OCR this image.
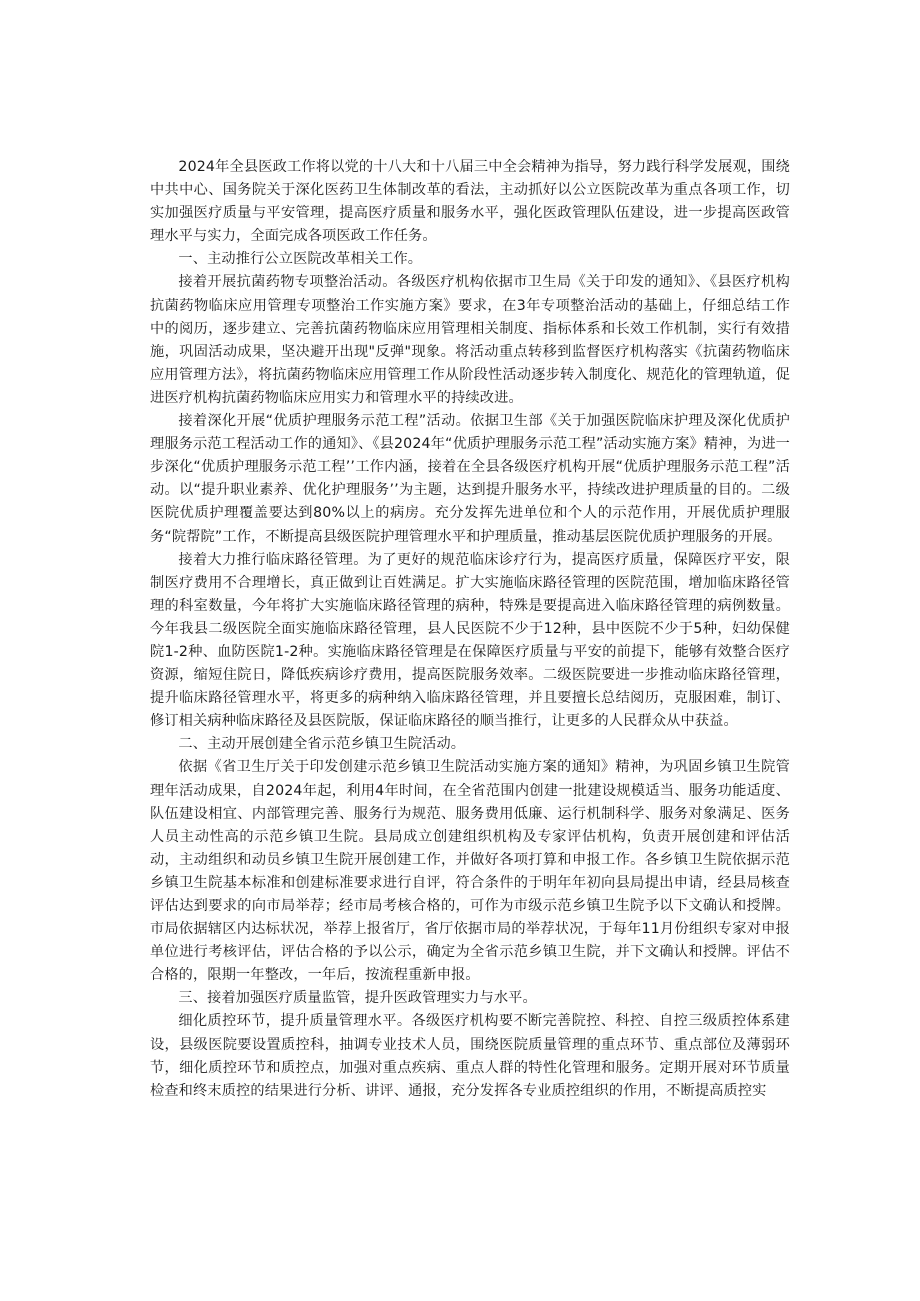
2024年全县医政工作将以党的十八大和十八届三中全会精神为指导，努力践行科学发展观，围绕中共中心、国务院关于深化医药卫生体制改革的看法，主动抓好以公立医院改革为重点各项工作，切实加强医疗质量与平安管理，提高医疗质量和服务水平，强化医政管理队伍建设，进一步提高医政管理水平与实力，全面完成各项医政工作任务。

一、主动推行公立医院改革相关工作。

接着开展抗菌药物专项整治活动。各级医疗机构依据市卫生局《关于印发的通知》、《县医疗机构抗菌药物临床应用管理专项整治工作实施方案》要求，在3年专项整治活动的基础上，仔细总结工作中的阅历，逐步建立、完善抗菌药物临床应用管理相关制度、指标体系和长效工作机制，实行有效措施，巩固活动成果，坚决避开出现"反弹"现象。将活动重点转移到监督医疗机构落实《抗菌药物临床应用管理方法》，将抗菌药物临床应用管理工作从阶段性活动逐步转入制度化、规范化的管理轨道，促进医疗机构抗菌药物临床应用实力和管理水平的持续改进。

接着深化开展“优质护理服务示范工程”活动。依据卫生部《关于加强医院临床护理及深化优质护理服务示范工程活动工作的通知》、《县2024年“优质护理服务示范工程”活动实施方案》精神，为进一步深化“优质护理服务示范工程’’工作内涵，接着在全县各级医疗机构开展“优质护理服务示范工程”活动。以“提升职业素养、优化护理服务’’为主题，达到提升服务水平，持续改进护理质量的目的。二级医院优质护理覆盖要达到80%以上的病房。充分发挥先进单位和个人的示范作用，开展优质护理服务“院帮院”工作，不断提高县级医院护理管理水平和护理质量，推动基层医院优质护理服务的开展。

接着大力推行临床路径管理。为了更好的规范临床诊疗行为，提高医疗质量，保障医疗平安，限制医疗费用不合理增长，真正做到让百姓满足。扩大实施临床路径管理的医院范围，增加临床路径管理的科室数量，今年将扩大实施临床路径管理的病种，特殊是要提高进入临床路径管理的病例数量。今年我县二级医院全面实施临床路径管理，县人民医院不少于12种，县中医院不少于5种，妇幼保健院1-2种、血防医院1-2种。实施临床路径管理是在保障医疗质量与平安的前提下，能够有效整合医疗资源，缩短住院日，降低疾病诊疗费用，提高医院服务效率。二级医院要进一步推动临床路径管理，提升临床路径管理水平，将更多的病种纳入临床路径管理，并且要擅长总结阅历，克服困难，制订、修订相关病种临床路径及县医院版，保证临床路径的顺当推行，让更多的人民群众从中获益。

二、主动开展创建全省示范乡镇卫生院活动。

依据《省卫生厅关于印发创建示范乡镇卫生院活动实施方案的通知》精神，为巩固乡镇卫生院管理年活动成果，自2024年起，利用4年时间，在全省范围内创建一批建设规模适当、服务功能适度、队伍建设相宜、内部管理完善、服务行为规范、服务费用低廉、运行机制科学、服务对象满足、医务人员主动性高的示范乡镇卫生院。县局成立创建组织机构及专家评估机构，负责开展创建和评估活动，主动组织和动员乡镇卫生院开展创建工作，并做好各项打算和申报工作。各乡镇卫生院依据示范乡镇卫生院基本标准和创建标准要求进行自评，符合条件的于明年年初向县局提出申请，经县局核查评估达到要求的向市局举荐；经市局考核合格的，可作为市级示范乡镇卫生院予以下文确认和授牌。市局依据辖区内达标状况，举荐上报省厅，省厅依据市局的举荐状况，于每年11月份组织专家对申报单位进行考核评估，评估合格的予以公示，确定为全省示范乡镇卫生院，并下文确认和授牌。评估不合格的，限期一年整改，一年后，按流程重新申报。

三、接着加强医疗质量监管，提升医政管理实力与水平。

细化质控环节，提升质量管理水平。各级医疗机构要不断完善院控、科控、自控三级质控体系建设，县级医院要设置质控科，抽调专业技术人员，围绕医院质量管理的重点环节、重点部位及薄弱环节，细化质控环节和质控点，加强对重点疾病、重点人群的特性化管理和服务。定期开展对环节质量检查和终末质控的结果进行分析、讲评、通报，充分发挥各专业质控组织的作用，不断提高质控实
